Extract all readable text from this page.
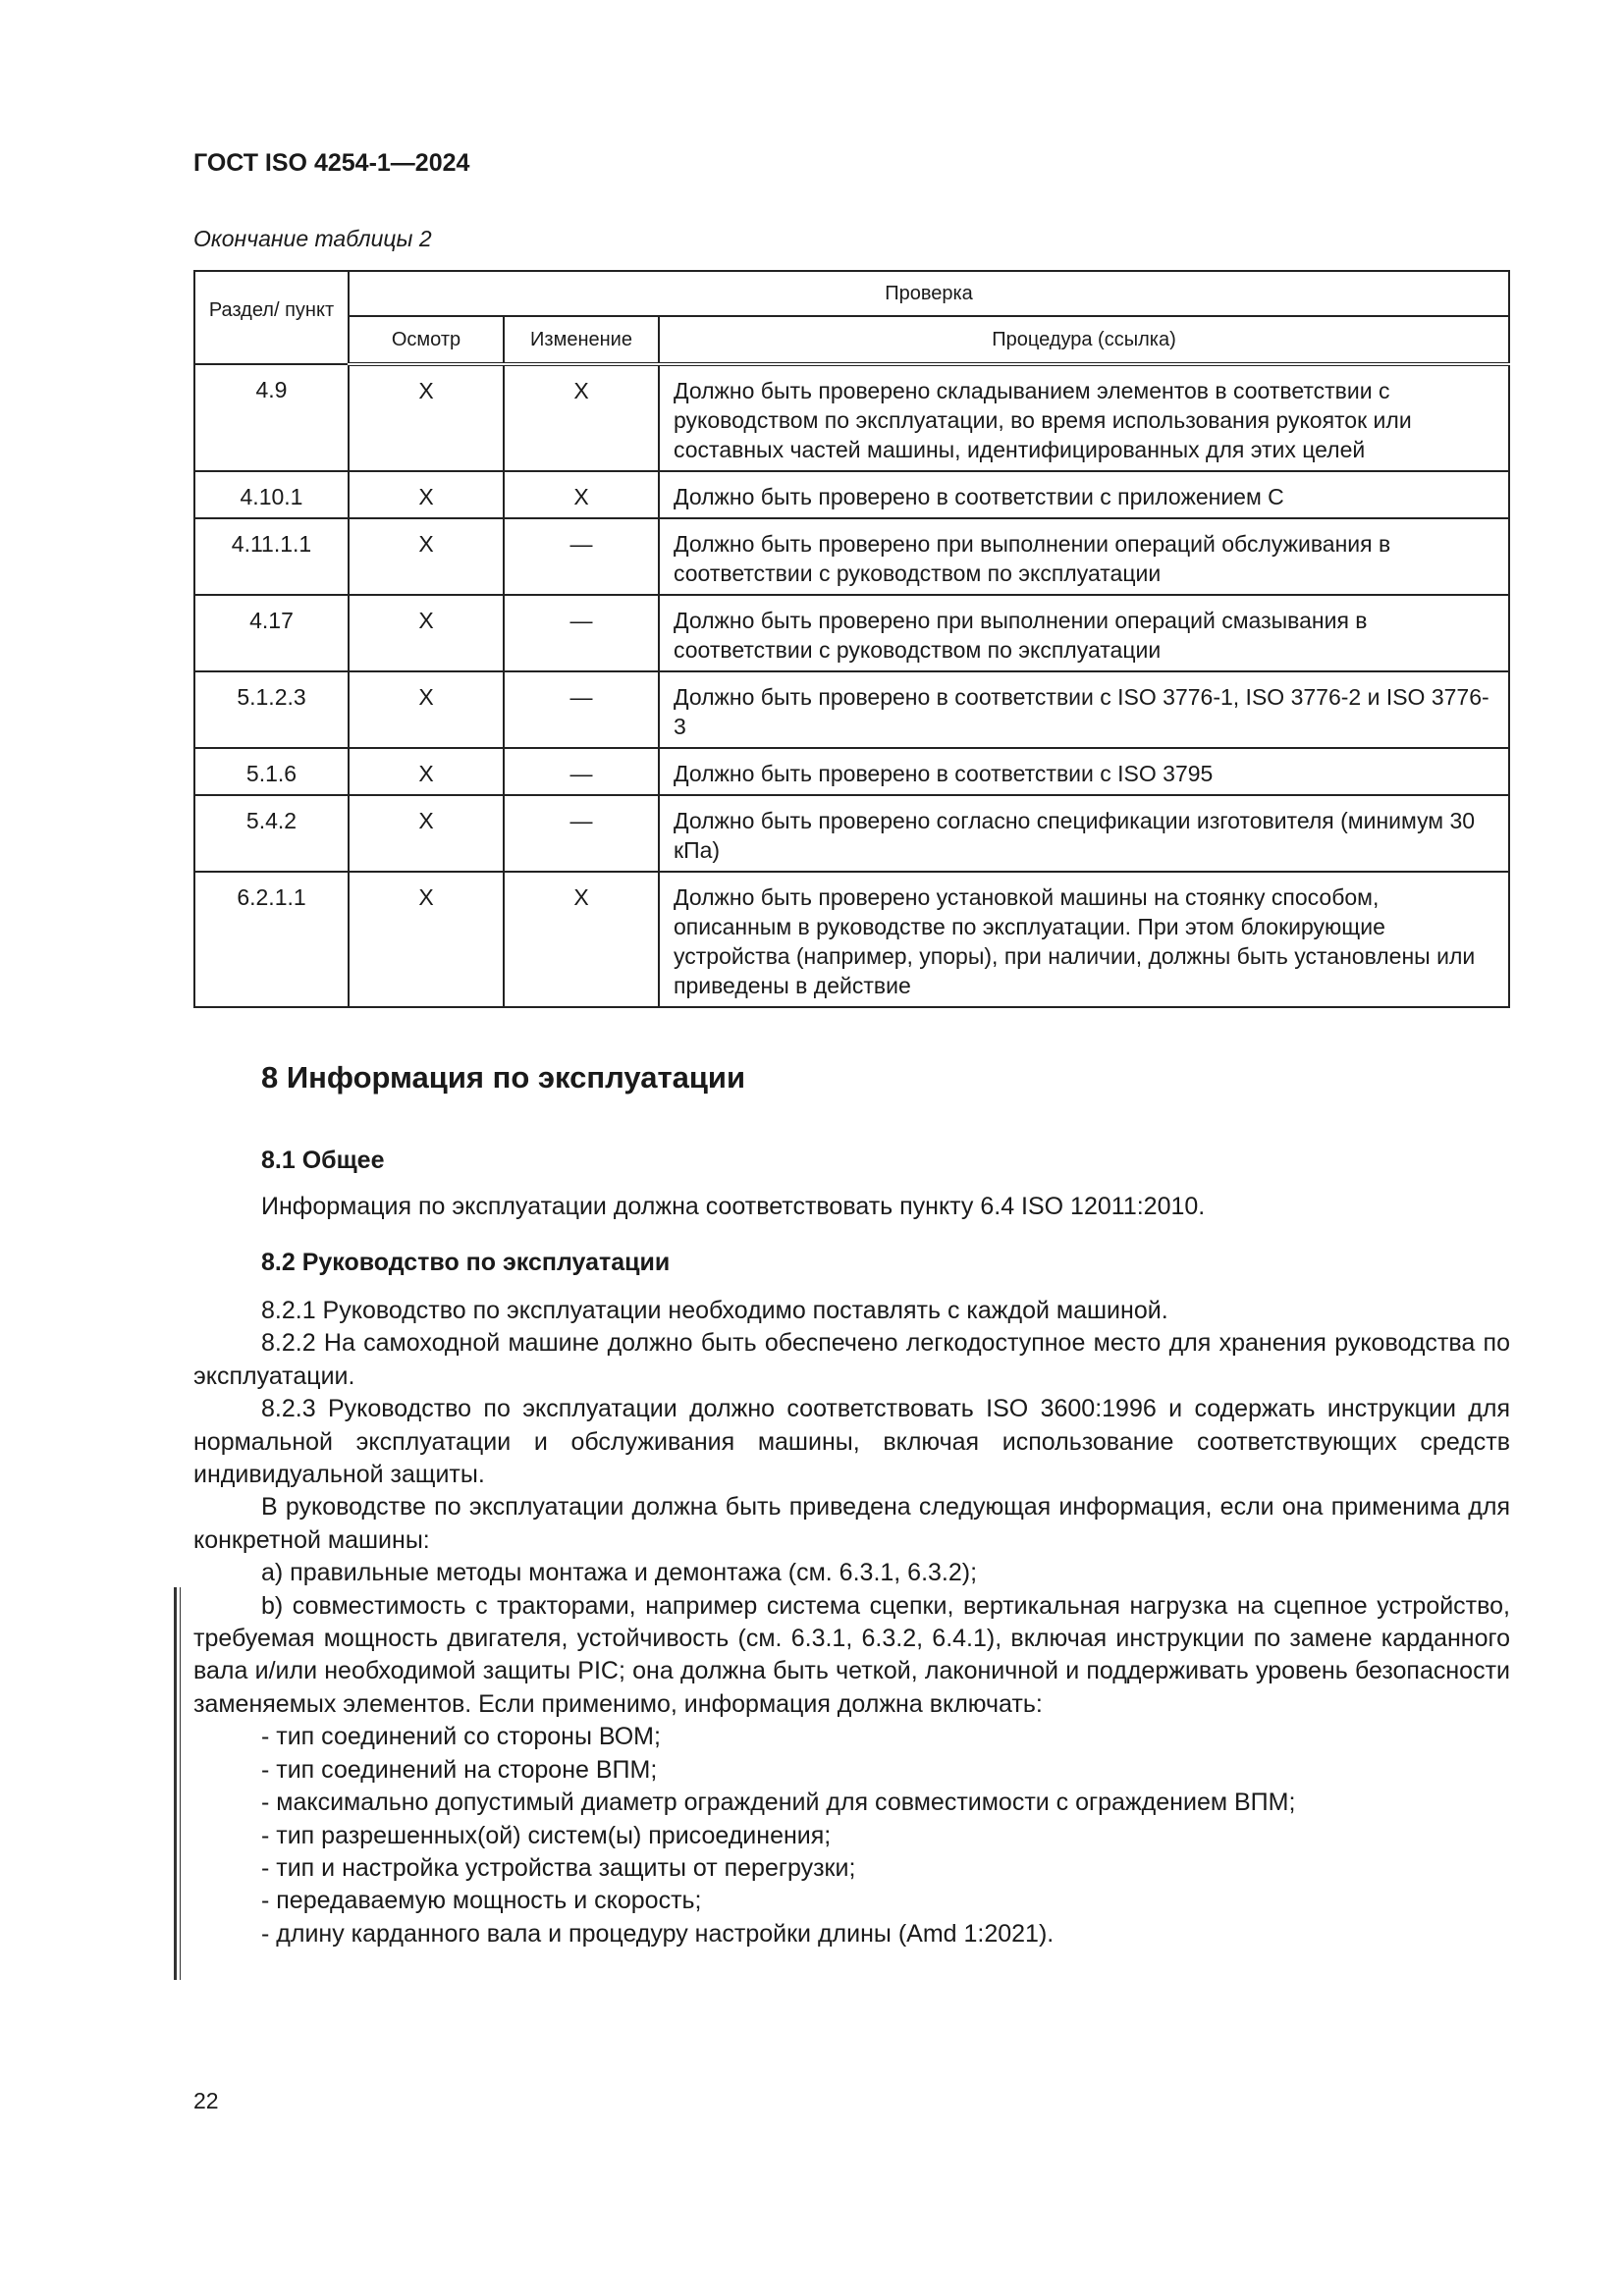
ГОСТ ISO 4254-1—2024
Окончание таблицы 2
Раздел/ пункт	Проверка		
	Осмотр	Изменение	Процедура (ссылка)
4.9	X	X	Должно быть проверено складыванием элементов в соответствии с руководством по эксплуатации, во время использования рукояток или составных частей машины, идентифицированных для этих целей
4.10.1	X	X	Должно быть проверено в соответствии с приложением С
4.11.1.1	X	—	Должно быть проверено при выполнении операций обслуживания в соответствии с руководством по эксплуатации
4.17	X	—	Должно быть проверено при выполнении операций смазывания в соответствии с руководством по эксплуатации
5.1.2.3	X	—	Должно быть проверено в соответствии с ISO 3776-1, ISO 3776-2 и ISO 3776-3
5.1.6	X	—	Должно быть проверено в соответствии с ISO 3795
5.4.2	X	—	Должно быть проверено согласно спецификации изготовителя (минимум 30 кПа)
6.2.1.1	X	X	Должно быть проверено установкой машины на стоянку способом, описанным в руководстве по эксплуатации. При этом блокирующие устройства (например, упоры), при наличии, должны быть установлены или приведены в действие
8 Информация по эксплуатации
8.1 Общее
Информация по эксплуатации должна соответствовать пункту 6.4 ISO 12011:2010.
8.2 Руководство по эксплуатации

8.2.1 Руководство по эксплуатации необходимо поставлять с каждой машиной.

8.2.2 На самоходной машине должно быть обеспечено легкодоступное место для хранения руководства по эксплуатации.

8.2.3 Руководство по эксплуатации должно соответствовать ISO 3600:1996 и содержать инструкции для нормальной эксплуатации и обслуживания машины, включая использование соответствующих средств индивидуальной защиты.

В руководстве по эксплуатации должна быть приведена следующая информация, если она применима для конкретной машины:

а) правильные методы монтажа и демонтажа (см. 6.3.1, 6.3.2);

b) совместимость с тракторами, например система сцепки, вертикальная нагрузка на сцепное устройство, требуемая мощность двигателя, устойчивость (см. 6.3.1, 6.3.2, 6.4.1), включая инструкции по замене карданного вала и/или необходимой защиты PIC; она должна быть четкой, лаконичной и поддерживать уровень безопасности заменяемых элементов. Если применимо, информация должна включать:

- тип соединений со стороны ВОМ;

- тип соединений на стороне ВПМ;

- максимально допустимый диаметр ограждений для совместимости с ограждением ВПМ;

- тип разрешенных(ой) систем(ы) присоединения;

- тип и настройка устройства защиты от перегрузки;

- передаваемую мощность и скорость;

- длину карданного вала и процедуру настройки длины (Amd 1:2021).

22
